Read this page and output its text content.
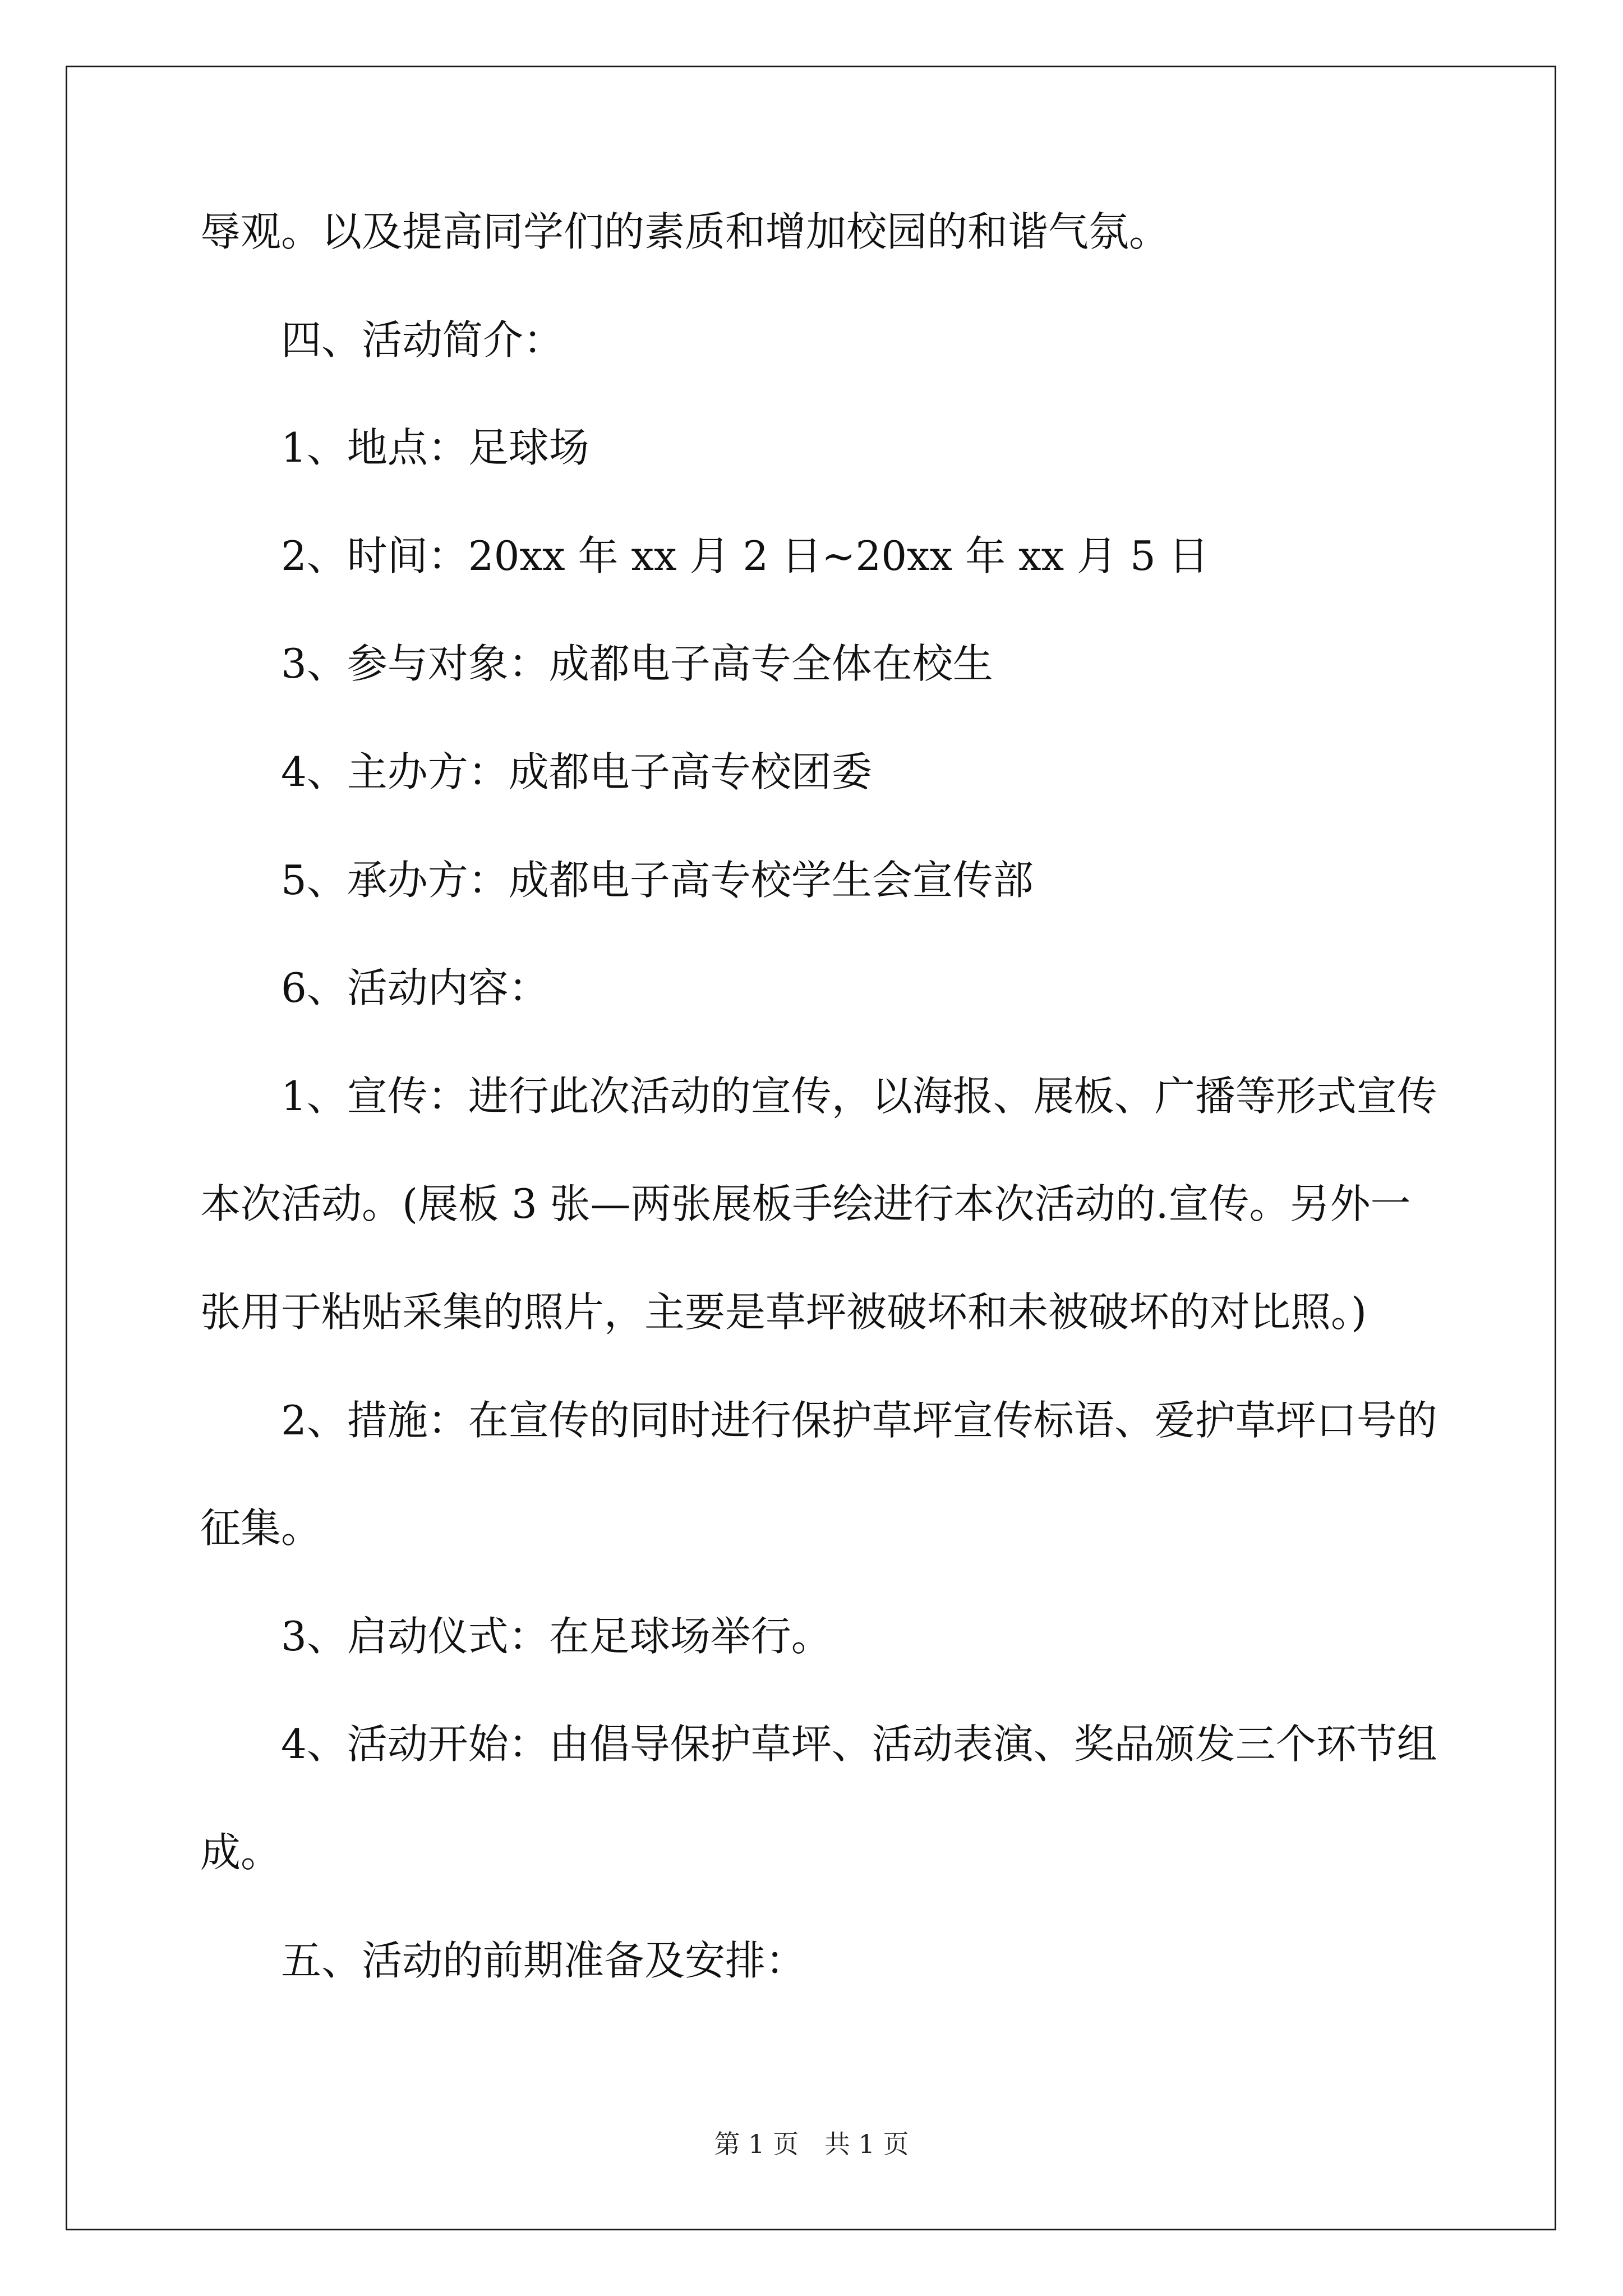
辱观。以及提高同学们的素质和增加校园的和谐气氛。
四、活动简介：
1、地点：足球场
2、时间：20xx 年 xx 月 2 日~20xx 年 xx 月 5 日
3、参与对象：成都电子高专全体在校生
4、主办方：成都电子高专校团委
5、承办方：成都电子高专校学生会宣传部
6、活动内容：
1、宣传：进行此次活动的宣传，以海报、展板、广播等形式宣传
本次活动。(展板 3 张—两张展板手绘进行本次活动的.宣传。另外一
张用于粘贴采集的照片，主要是草坪被破坏和未被破坏的对比照。)
2、措施：在宣传的同时进行保护草坪宣传标语、爱护草坪口号的
征集。
3、启动仪式：在足球场举行。
4、活动开始：由倡导保护草坪、活动表演、奖品颁发三个环节组
成。
五、活动的前期准备及安排：
第 1 页　共 1 页
